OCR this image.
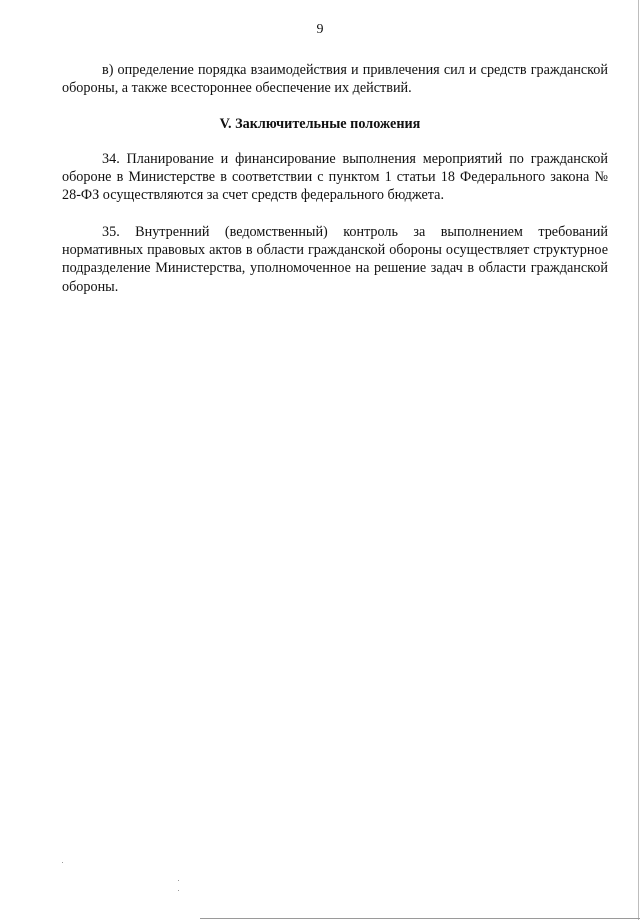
9

в) определение порядка взаимодействия и привлечения сил и средств гражданской обороны, а также всестороннее обеспечение их действий.

V. Заключительные положения

34. Планирование и финансирование выполнения мероприятий по гражданской обороне в Министерстве в соответствии с пунктом 1 статьи 18 Федерального закона № 28-ФЗ осуществляются за счет средств федерального бюджета.

35. Внутренний (ведомственный) контроль за выполнением требований нормативных правовых актов в области гражданской обороны осуществляет структурное подразделение Министерства, уполномоченное на решение задач в области гражданской обороны.
